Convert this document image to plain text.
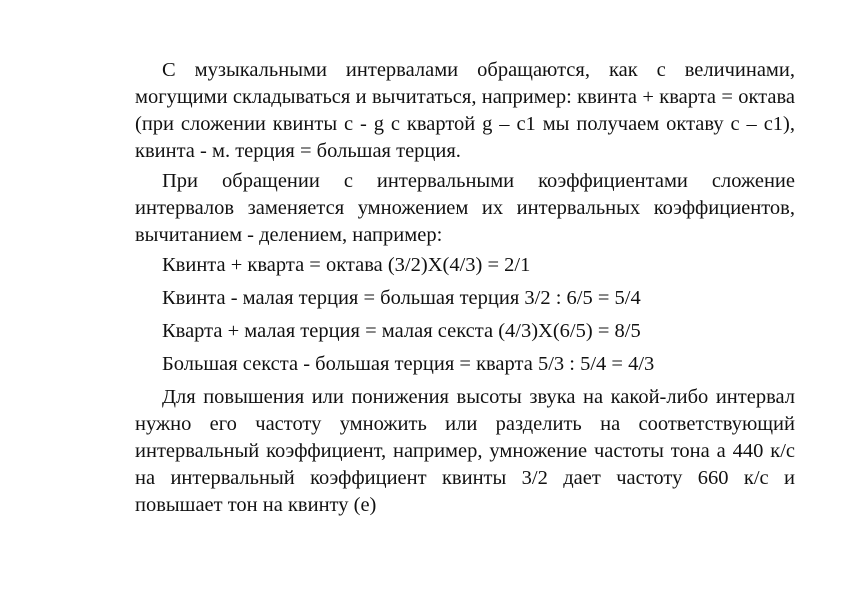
С музыкальными интервалами обращаются, как с величинами, могущими складываться и вычитаться, например: квинта + кварта = октава (при сложении квинты с - g с квартой g – c1 мы получаем октаву с – с1), квинта - м. терция = большая терция.

При обращении с интервальными коэффициентами сложение интервалов заменяется умножением их интервальных коэффициентов, вычитанием - делением, например:

Квинта + кварта = октава (3/2)Х(4/3) = 2/1
Квинта - малая терция = большая терция 3/2 : 6/5 = 5/4
Кварта + малая терция = малая секста (4/3)Х(6/5) = 8/5
Большая секста - большая терция = кварта 5/3 : 5/4 = 4/3

Для повышения или понижения высоты звука на какой-либо интервал нужно его частоту умножить или разделить на соответствующий интервальный коэффициент, например, умножение частоты тона а 440 к/с на интервальный коэффициент квинты 3/2 дает частоту 660 к/с и повышает тон на квинту (е)
